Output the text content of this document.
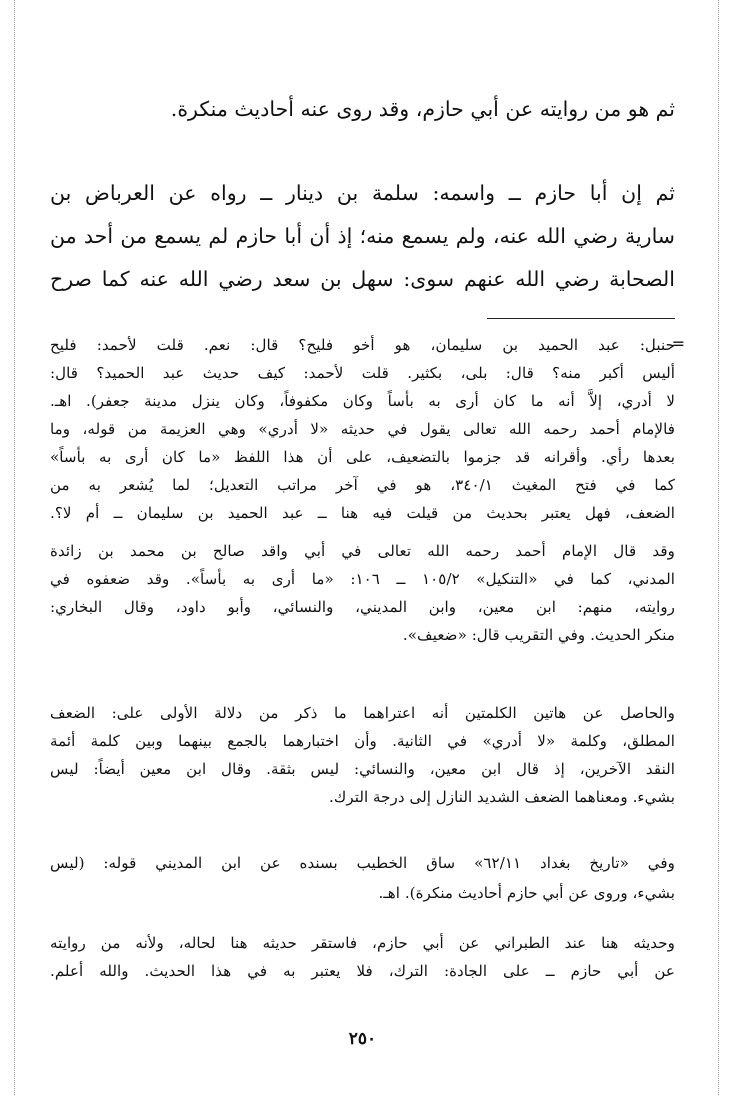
ثم هو من روايته عن أبي حازم، وقد روى عنه أحاديث منكرة.
ثم إن أبا حازم ــ واسمه: سلمة بن دينار ــ رواه عن العرباض بن
سارية رضي الله عنه، ولم يسمع منه؛ إذ أن أبا حازم لم يسمع من أحد من
الصحابة رضي الله عنهم سوى: سهل بن سعد رضي الله عنه كما صرح
=
حنبل: عبد الحميد بن سليمان، هو أخو فليح؟ قال: نعم. قلت لأحمد: فليح
أليس أكبر منه؟ قال: بلى، بكثير. قلت لأحمد: كيف حديث عبد الحميد؟ قال:
لا أدري، إلاَّ أنه ما كان أرى به بأساً وكان مكفوفاً، وكان ينزل مدينة جعفر). اهـ.
فالإمام أحمد رحمه الله تعالى يقول في حديثه «لا أدري» وهي العزيمة من قوله، وما
بعدها رأي. وأقرانه قد جزموا بالتضعيف، على أن هذا اللفظ «ما كان أرى به بأساً»
كما في فتح المغيث ٣٤٠/١، هو في آخر مراتب التعديل؛ لما يُشعر به من
الضعف، فهل يعتبر بحديث من قيلت فيه هنا ــ عبد الحميد بن سليمان ــ أم لا؟.
وقد قال الإمام أحمد رحمه الله تعالى في أبي واقد صالح بن محمد بن زائدة
المدني، كما في «التنكيل» ١٠٥/٢ ــ ١٠٦: «ما أرى به بأساً». وقد ضعفوه في
روايته، منهم: ابن معين، وابن المديني، والنسائي، وأبو داود، وقال البخاري:
منكر الحديث. وفي التقريب قال: «ضعيف».
والحاصل عن هاتين الكلمتين أنه اعتراهما ما ذكر من دلالة الأولى على: الضعف
المطلق، وكلمة «لا أدري» في الثانية. وأن اختبارهما بالجمع بينهما وبين كلمة أئمة
النقد الآخرين، إذ قال ابن معين، والنسائي: ليس بثقة. وقال ابن معين أيضاً: ليس
بشيء. ومعناهما الضعف الشديد النازل إلى درجة الترك.
وفي «تاريخ بغداد ٦٢/١١» ساق الخطيب بسنده عن ابن المديني قوله: (ليس
بشيء، وروى عن أبي حازم أحاديث منكرة). اهـ.
وحديثه هنا عند الطبراني عن أبي حازم، فاستقر حديثه هنا لحاله، ولأنه من روايته
عن أبي حازم ــ على الجادة: الترك، فلا يعتبر به في هذا الحديث. والله أعلم.
٢٥٠
